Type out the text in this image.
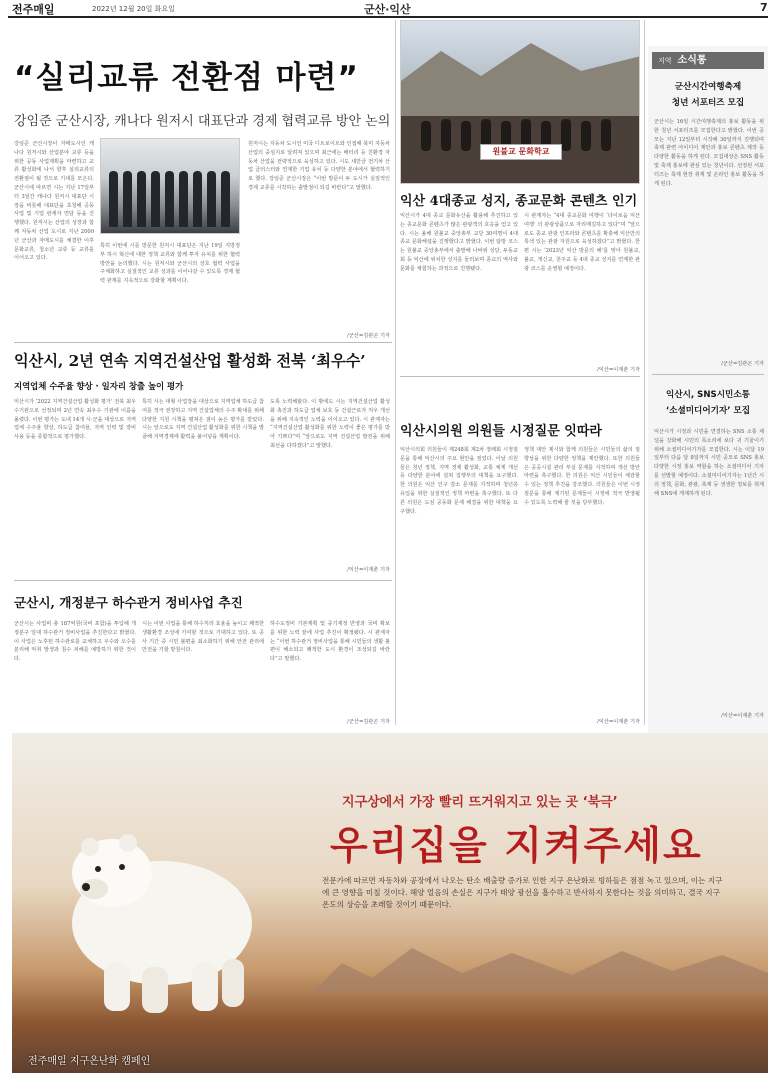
전주매일	2022년 12월 20일 화요일	군산·익산	7
“실리교류 전환점 마련”
강임준 군산시장, 캐나다 원저시 대표단과 경제 협력교류 방안 논의
강임준 군산시장이 자매도시인 캐나다 원저시와 산업분야 교류 등을 위한 공동 사업계획을 마련하고 교류 활성화에 나서 향후 실리교류의 전환점이 될 것으로 기대를 모은다. 군산시에 따르면 시는 지난 17일부터 3일간 캐나다 원저시 대표단 시장을 비롯해 대표단을 초청해 공동 사업 및 기업 관계자 면담 등을 진행했다. 원저시는 산업의 성장과 함께 자동차 산업 도시로 지난 2000년 군산과 자매도시를 체결한 이후 문화교류, 청소년 교류 등 교류를 이어오고 있다.
특히 이번에 시를 방문한 원저시 대표단은 지난 19일 지방정부 하시 혁신에 대한 정책 교류와 함께 투자 유치를 위한 협력 방안을 논의했다. 시는 원저시와 군산시의 상호 협력 사업을 구체화하고 실질적인 교류 성과를 이어나갈 수 있도록 경제 협력 관계를 지속적으로 강화할 계획이다.
원저시는 자동차 도시인 미국 디트로이트와 인접해 북미 자동차 산업의 중심지로 알려져 있으며 최근에는 배터리 등 친환경 자동차 산업을 전략적으로 육성하고 있다. 시도 새만금 전기차 산업 클러스터와 연계한 기업 유치 등 다양한 분야에서 협력하기로 했다. 강임준 군산시장은 “이번 방문이 두 도시가 실질적인 경제 교류를 시작하는 출발점이 되길 바란다”고 말했다.
/군산=김관곤 기자
원불교 문화학교
익산 4대종교 성지, 종교문화 콘텐츠 인기
익산시가 4대 종교 문화유산을 활용해 추진하고 있는 종교문화 콘텐츠가 많은 관광객의 호응을 얻고 있다. 시는 올해 원불교 중앙총부 교당 30여명이 4대종교 문화해설을 진행했다고 밝혔다. 이번 탐방 코스는 원불교 중앙총부에서 출발해 나바위 성당, 두동교회 등 익산에 위치한 성지를 둘러보며 종교의 역사와 문화를 체험하는 과정으로 진행됐다.
시 관계자는 “4대 종교문화 여행이 ‘다이로움 익산여행’ 의 관광상품으로 자리매김하고 있다”며 “앞으로도 종교 관광 인프라와 콘텐츠를 확충해 익산만의 특색 있는 관광 자원으로 육성하겠다”고 밝혔다. 한편 시는 ‘2023년 익산 방문의 해’를 맞아 원불교, 불교, 개신교, 천주교 등 4대 종교 성지를 연계한 관광 코스를 운영할 예정이다.
/익산=이재춘 기자
익산시, 2년 연속 지역건설산업 활성화 전북 ‘최우수’
지역업체 수주율 향상 · 일자리 창출 높이 평가
익산시가 ‘2022 지역건설산업 활성화 평가’ 전북 최우수기관으로 선정되며 2년 연속 최우수 기관에 이름을 올렸다. 이번 평가는 도내 14개 시·군을 대상으로 지역업체 수주율 향상, 하도급 참여율, 지역 인력 및 장비 사용 등을 종합적으로 평가했다.
특히 시는 대형 사업장을 대상으로 지역업체 하도급 참여를 적극 권장하고 지역 건설업체의 수주 확대를 위해 다양한 지원 시책을 펼쳐온 점이 높은 평가를 받았다. 시는 앞으로도 지역 건설산업 활성화를 위한 시책을 발굴해 지역경제에 활력을 불어넣을 계획이다.
도록 노력해왔다. 이 밖에도 시는 지역건설산업 활성화 촉진과 하도급 업체 보호 등 건설근로자 처우 개선을 위해 지속적인 노력을 이어오고 있다. 시 관계자는 “지역건설산업 활성화를 위한 노력이 좋은 평가를 받아 기쁘다”며 “앞으로도 지역 건설산업 발전을 위해 최선을 다하겠다”고 말했다.
/익산=이재춘 기자
익산시의원 의원들 시정질문 잇따라
익산시의회 의원들이 제248회 제2차 정례회 시정질문을 통해 익산시의 주요 현안을 짚었다. 이날 의원들은 청년 정책, 지역 경제 활성화, 교통 체계 개선 등 다양한 분야에 걸쳐 집행부의 대책을 요구했다. 한 의원은 익산 인구 감소 문제를 지적하며 청년층 유입을 위한 실질적인 정책 마련을 촉구했다. 또 다른 의원은 도심 공동화 문제 해결을 위한 대책을 요구했다.
정책 대안 제시와 함께 의원들은 시민들의 삶의 질 향상을 위한 다양한 정책을 제안했다. 또한 의원들은 공공시설 관리 부실 문제를 지적하며 개선 방안 마련을 촉구했다. 한 의원은 익산 시민들이 체감할 수 있는 정책 추진을 강조했다. 의원들은 이번 시정질문을 통해 제기된 문제들이 시정에 적극 반영될 수 있도록 노력해 줄 것을 당부했다.
/익산=이재춘 기자
군산시, 개정분구 하수관거 정비사업 추진
군산시는 사업비 총 187억원(국비 포함)을 투입해 개정분구 일대 하수관거 정비사업을 추진한다고 밝혔다. 이 사업은 노후된 하수관로를 교체하고 우수와 오수를 분리해 악취 발생과 침수 피해를 예방하기 위한 것이다.
시는 이번 사업을 통해 하수처리 효율을 높이고 쾌적한 생활환경 조성에 기여할 것으로 기대하고 있다. 또 공사 기간 중 시민 불편을 최소화하기 위해 안전 관리에 만전을 기할 방침이다.
하수도정비 기본계획 및 중기재정 반영과 국비 확보를 위한 노력 끝에 사업 추진이 확정됐다. 시 관계자는 “이번 하수관거 정비사업을 통해 시민들의 생활 불편이 해소되고 쾌적한 도시 환경이 조성되길 바란다”고 말했다.
/군산=김관곤 기자
지역 소식통
군산시간여행축제
청년 서포터즈 모집
군산시는 16일 시간여행축제의 홍보 활동을 위한 청년 서포터즈를 모집한다고 밝혔다. 이번 공모는 지난 12일부터 시작해 30일까지 진행되며 축제 관련 아이디어 제안과 홍보 콘텐츠 제작 등 다양한 활동을 하게 된다. 모집대상은 SNS 활동 및 축제 홍보에 관심 있는 청년이다. 선정된 서포터즈는 축제 현장 취재 및 온라인 홍보 활동을 하게 된다.
/군산=김관곤 기자
익산시, SNS시민소통
‘소셜미디어기자’ 모집
익산시가 시정과 시민을 연결하는 SNS 소통 채널을 강화해 시민의 목소리에 보다 귀 기울이기 위해 소셜미디어기자를 모집한다. 시는 이달 19일부터 다음 달 8일까지 시민 공모로 SNS 홍보 다양한 시정 홍보 역할을 하는 소셜미디어 기자를 선발할 예정이다. 소셜미디어기자는 1년간 시의 정책, 문화, 관광, 축제 등 생생한 정보를 취재해 SNS에 게재하게 된다.
/익산=이재춘 기자
지구상에서 가장 빨리 뜨거워지고 있는 곳 ‘북극’
우리집을 지켜주세요
전문가에 따르면 자동차와 공장에서 나오는 탄소 배출량 증가로 인한 지구 온난화로 빙하들은 점점 녹고 있으며, 이는 지구에 큰 영향을 미칠 것이다. 해양 얼음의 손실은 지구가 태양 광선을 흡수하고 반사하지 못한다는 것을 의미하고, 결국 지구 온도의 상승을 초래할 것이기 때문이다.
전주매일 지구온난화 캠페인
